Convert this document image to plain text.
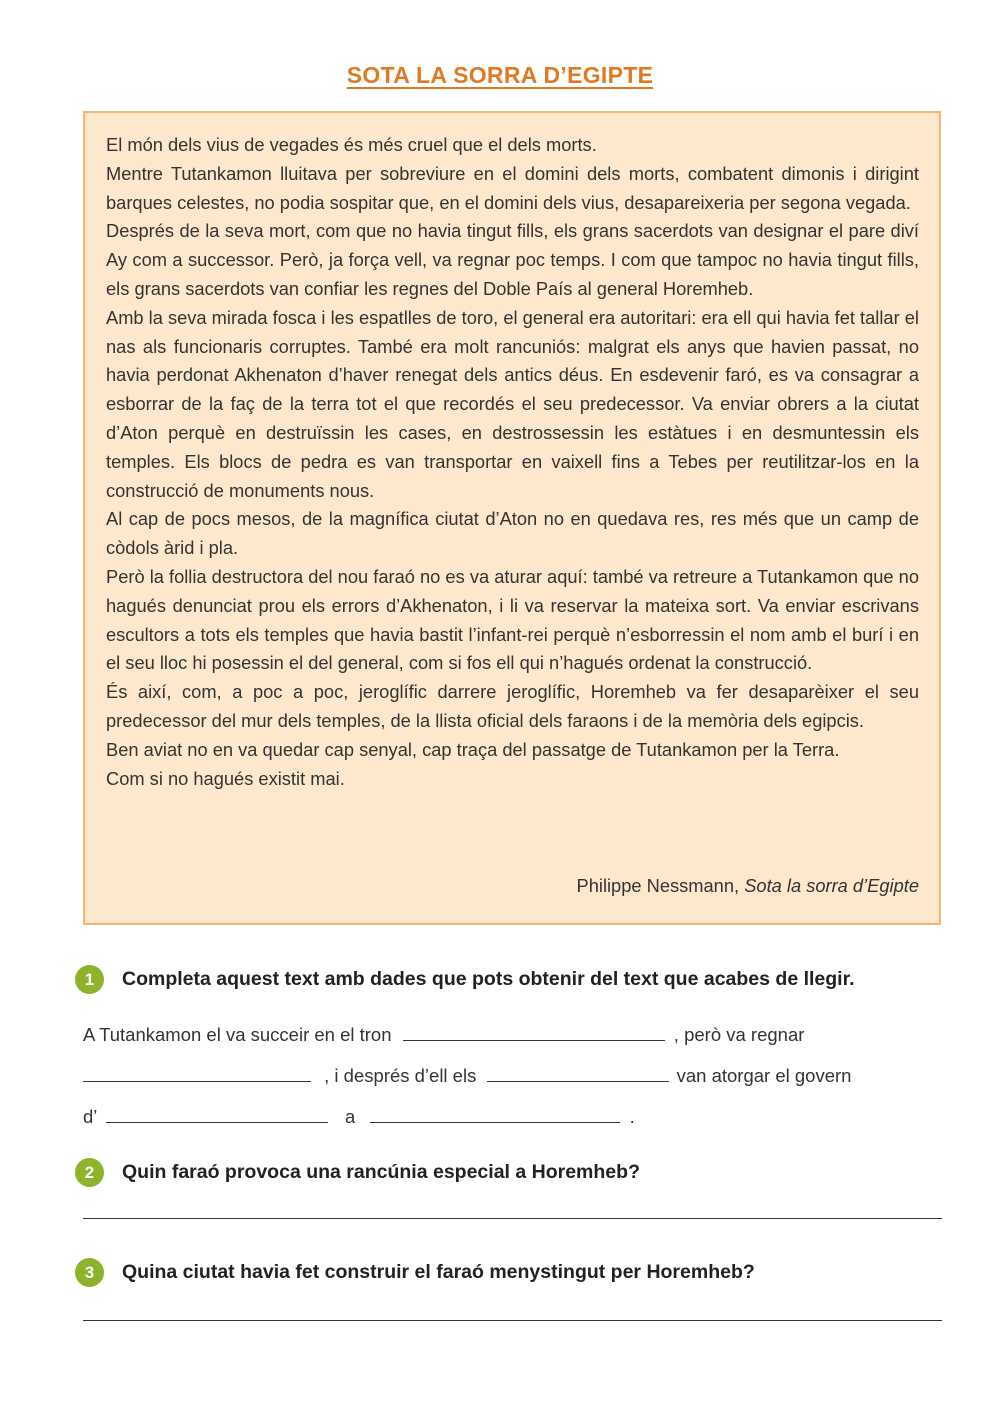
SOTA LA SORRA D’EGIPTE

El món dels vius de vegades és més cruel que el dels morts.

Mentre Tutankamon lluitava per sobreviure en el domini dels morts, combatent dimonis i dirigint barques celestes, no podia sospitar que, en el domini dels vius, desapareixeria per segona vegada.

Després de la seva mort, com que no havia tingut fills, els grans sacerdots van designar el pare diví Ay com a successor. Però, ja força vell, va regnar poc temps. I com que tampoc no havia tingut fills, els grans sacerdots van confiar les regnes del Doble País al general Horemheb.

Amb la seva mirada fosca i les espatlles de toro, el general era autoritari: era ell qui havia fet tallar el nas als funcionaris corruptes. També era molt rancuniós: malgrat els anys que havien passat, no havia perdonat Akhenaton d’haver renegat dels antics déus. En esdevenir faró, es va consagrar a esborrar de la faç de la terra tot el que recordés el seu predecessor. Va enviar obrers a la ciutat d’Aton perquè en destruïssin les cases, en destrossessin les estàtues i en desmuntessin els temples. Els blocs de pedra es van transportar en vaixell fins a Tebes per reutilitzar-los en la construcció de monuments nous.

Al cap de pocs mesos, de la magnífica ciutat d’Aton no en quedava res, res més que un camp de còdols àrid i pla.

Però la follia destructora del nou faraó no es va aturar aquí: també va retreure a Tutankamon que no hagués denunciat prou els errors d’Akhenaton, i li va reservar la mateixa sort. Va enviar escrivans escultors a tots els temples que havia bastit l’infant-rei perquè n’esborressin el nom amb el burí i en el seu lloc hi posessin el del general, com si fos ell qui n’hagués ordenat la construcció.

És així, com, a poc a poc, jeroglífic darrere jeroglífic, Horemheb va fer desaparèixer el seu predecessor del mur dels temples, de la llista oficial dels faraons i de la memòria dels egipcis.

Ben aviat no en va quedar cap senyal, cap traça del passatge de Tutankamon per la Terra.

Com si no hagués existit mai.

Philippe Nessmann, Sota la sorra d’Egipte
1	Completa aquest text amb dades que pots obtenir del text que acabes de llegir.
A Tutankamon el va succeir en el tron	, però va regnar
, i després d’ell els	van atorgar el govern
d’	a	.
2	Quin faraó provoca una rancúnia especial a Horemheb?
3	Quina ciutat havia fet construir el faraó menystingut per Horemheb?
